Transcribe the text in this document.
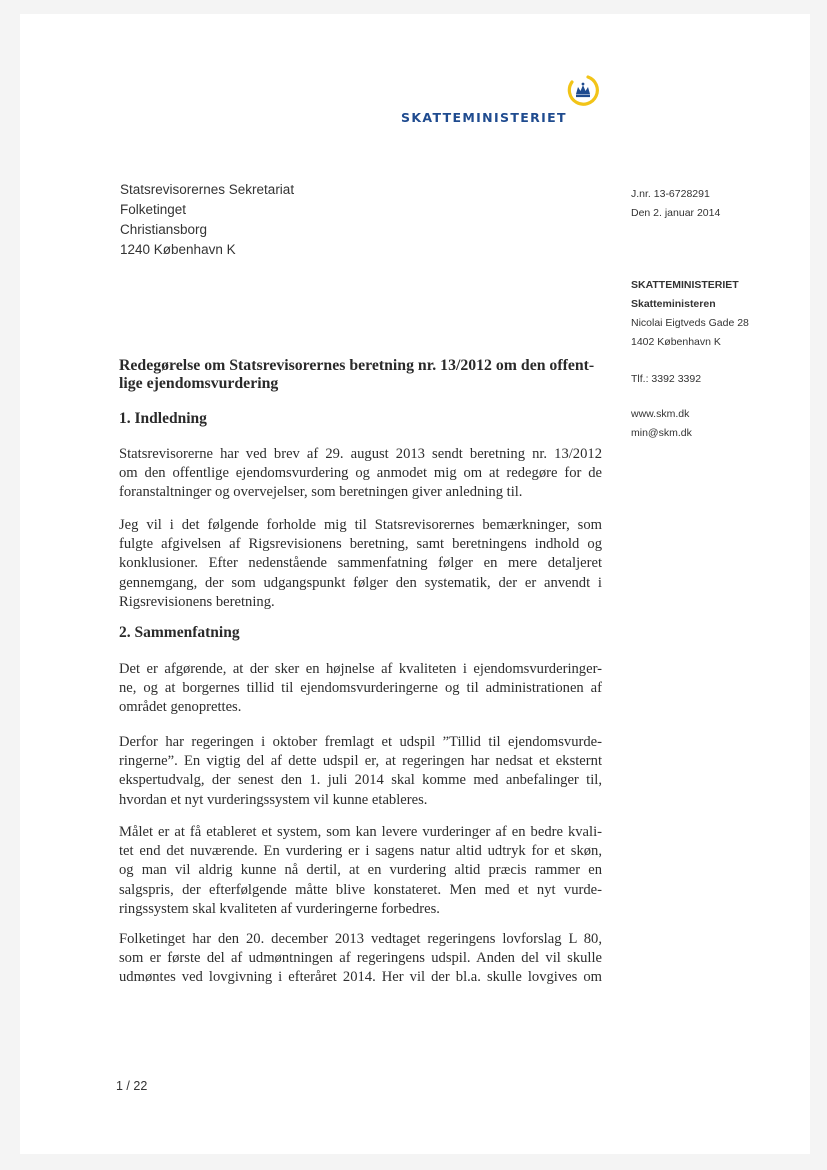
SKATTEMINISTERIET
Statsrevisorernes Sekretariat
Folketinget
Christiansborg
1240 København K
J.nr. 13-6728291
Den 2. januar 2014
SKATTEMINISTERIET
Skatteministeren
Nicolai Eigtveds Gade 28
1402 København K
Tlf.: 3392 3392
www.skm.dk
min@skm.dk
Redegørelse om Statsrevisorernes beretning nr. 13/2012 om den offent-
lige ejendomsvurdering
1. Indledning
Statsrevisorerne har ved brev af 29. august 2013 sendt beretning nr. 13/2012
om den offentlige ejendomsvurdering og anmodet mig om at redegøre for de
foranstaltninger og overvejelser, som beretningen giver anledning til.
Jeg vil i det følgende forholde mig til Statsrevisorernes bemærkninger, som
fulgte afgivelsen af Rigsrevisionens beretning, samt beretningens indhold og
konklusioner. Efter nedenstående sammenfatning følger en mere detaljeret
gennemgang, der som udgangspunkt følger den systematik, der er anvendt i
Rigsrevisionens beretning.
2. Sammenfatning
Det er afgørende, at der sker en højnelse af kvaliteten i ejendomsvurderinger-
ne, og at borgernes tillid til ejendomsvurderingerne og til administrationen af
området genoprettes.
Derfor har regeringen i oktober fremlagt et udspil ”Tillid til ejendomsvurde-
ringerne”. En vigtig del af dette udspil er, at regeringen har nedsat et eksternt
ekspertudvalg, der senest den 1. juli 2014 skal komme med anbefalinger til,
hvordan et nyt vurderingssystem vil kunne etableres.
Målet er at få etableret et system, som kan levere vurderinger af en bedre kvali-
tet end det nuværende. En vurdering er i sagens natur altid udtryk for et skøn,
og man vil aldrig kunne nå dertil, at en vurdering altid præcis rammer en
salgspris, der efterfølgende måtte blive konstateret. Men med et nyt vurde-
ringssystem skal kvaliteten af vurderingerne forbedres.
Folketinget har den 20. december 2013 vedtaget regeringens lovforslag L 80,
som er første del af udmøntningen af regeringens udspil. Anden del vil skulle
udmøntes ved lovgivning i efteråret 2014. Her vil der bl.a. skulle lovgives om
1 / 22
